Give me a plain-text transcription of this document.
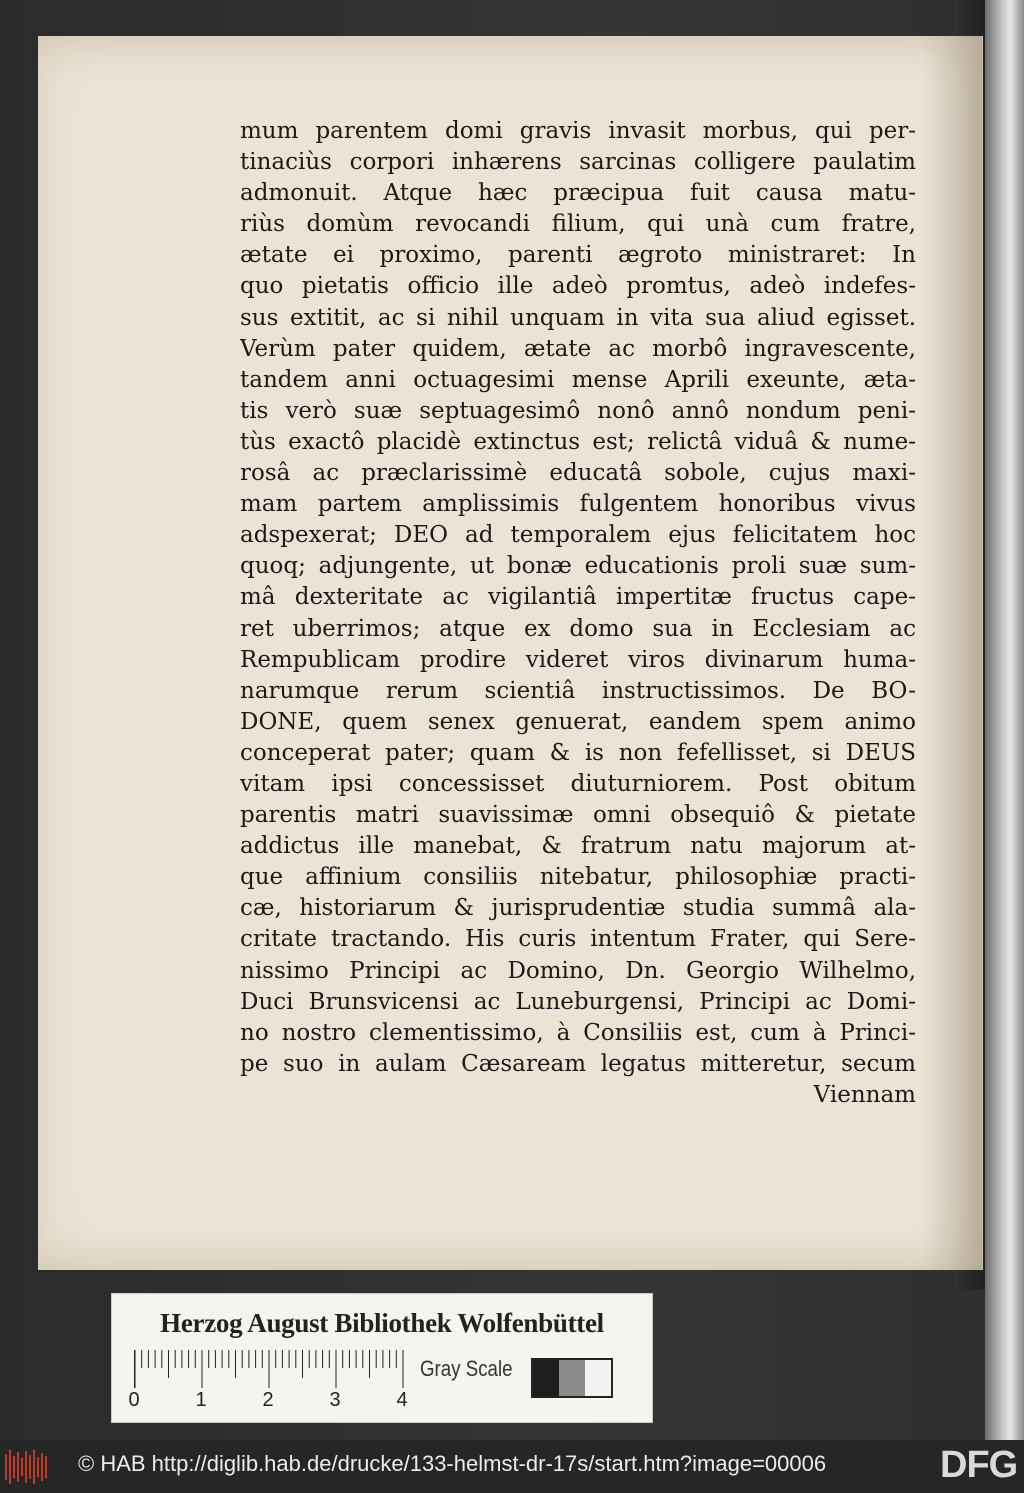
mum parentem domi gravis invasit morbus, qui per-
tinaciùs corpori inhærens sarcinas colligere paulatim
admonuit. Atque hæc præcipua fuit causa matu-
riùs domùm revocandi filium, qui unà cum fratre,
ætate ei proximo, parenti ægroto ministraret: In
quo pietatis officio ille adeò promtus, adeò indefes-
sus extitit, ac si nihil unquam in vita sua aliud egisset.
Verùm pater quidem, ætate ac morbô ingravescente,
tandem anni octuagesimi mense Aprili exeunte, æta-
tis verò suæ septuagesimô nonô annô nondum peni-
tùs exactô placidè extinctus est; relictâ viduâ & nume-
rosâ ac præclarissimè educatâ sobole, cujus maxi-
mam partem amplissimis fulgentem honoribus vivus
adspexerat; DEO ad temporalem ejus felicitatem hoc
quoq; adjungente, ut bonæ educationis proli suæ sum-
mâ dexteritate ac vigilantiâ impertitæ fructus cape-
ret uberrimos; atque ex domo sua in Ecclesiam ac
Rempublicam prodire videret viros divinarum huma-
narumque rerum scientiâ instructissimos. De BO-
DONE, quem senex genuerat, eandem spem animo
conceperat pater; quam & is non fefellisset, si DEUS
vitam ipsi concessisset diuturniorem. Post obitum
parentis matri suavissimæ omni obsequiô & pietate
addictus ille manebat, & fratrum natu majorum at-
que affinium consiliis nitebatur, philosophiæ practi-
cæ, historiarum & jurisprudentiæ studia summâ ala-
critate tractando. His curis intentum Frater, qui Sere-
nissimo Principi ac Domino, Dn. Georgio Wilhelmo,
Duci Brunsvicensi ac Luneburgensi, Principi ac Domi-
no nostro clementissimo, à Consiliis est, cum à Princi-
pe suo in aulam Cæsaream legatus mitteretur, secum
Viennam
Herzog August Bibliothek Wolfenbüttel
0	1	2	3	4
Gray Scale
© HAB http://diglib.hab.de/drucke/133-helmst-dr-17s/start.htm?image=00006	DFG
